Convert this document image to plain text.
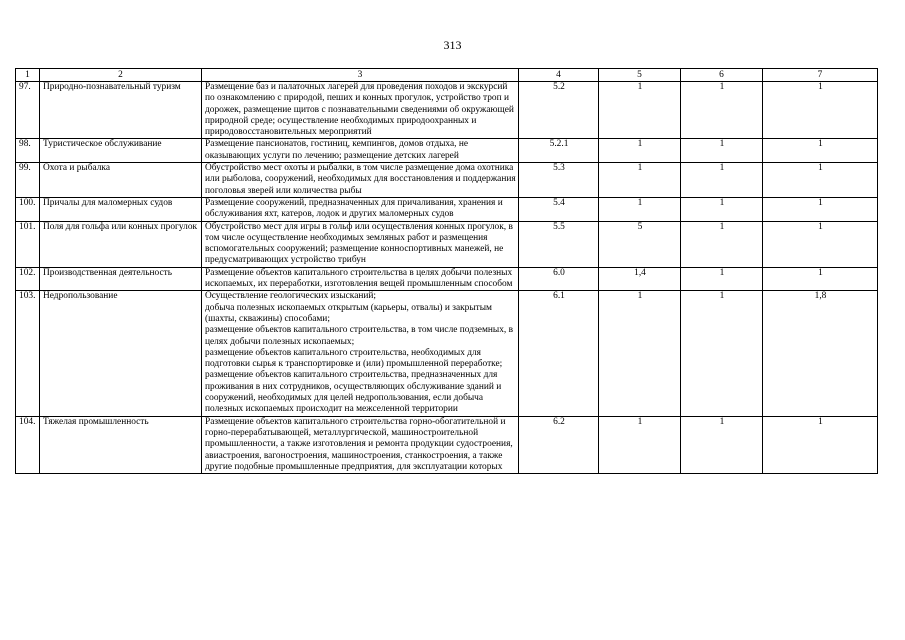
313
1	2	3	4	5	6	7
97.	Природно-познавательный туризм	Размещение баз и палаточных лагерей для проведения походов и экскурсий по ознакомлению с природой, пеших и конных прогулок, устройство троп и дорожек, размещение щитов с познавательными сведениями об окружающей природной среде; осуществление необходимых природоохранных и природовосстановительных мероприятий	5.2	1	1	1
98.	Туристическое обслуживание	Размещение пансионатов, гостиниц, кемпингов, домов отдыха, не оказывающих услуги по лечению; размещение детских лагерей	5.2.1	1	1	1
99.	Охота и рыбалка	Обустройство мест охоты и рыбалки, в том числе размещение дома охотника или рыболова, сооружений, необходимых для восстановления и поддержания поголовья зверей или количества рыбы	5.3	1	1	1
100.	Причалы для маломерных судов	Размещение сооружений, предназначенных для причаливания, хранения и обслуживания яхт, катеров, лодок и других маломерных судов	5.4	1	1	1
101.	Поля для гольфа или конных прогулок	Обустройство мест для игры в гольф или осуществления конных прогулок, в том числе осуществление необходимых земляных работ и размещения вспомогательных сооружений; размещение конноспортивных манежей, не предусматривающих устройство трибун	5.5	5	1	1
102.	Производственная деятельность	Размещение объектов капитального строительства в целях добычи полезных ископаемых, их переработки, изготовления вещей промышленным способом	6.0	1,4	1	1
103.	Недропользование	Осуществление геологических изысканий;
добыча полезных ископаемых открытым (карьеры, отвалы) и закрытым (шахты, скважины) способами;
размещение объектов капитального строительства, в том числе подземных, в целях добычи полезных ископаемых;
размещение объектов капитального строительства, необходимых для подготовки сырья к транспортировке и (или) промышленной переработке;
размещение объектов капитального строительства, предназначенных для проживания в них сотрудников, осуществляющих обслуживание зданий и сооружений, необходимых для целей недропользования, если добыча полезных ископаемых происходит на межселенной территории	6.1	1	1	1,8
104.	Тяжелая промышленность	Размещение объектов капитального строительства горно-обогатительной и горно-перерабатывающей, металлургической, машиностроительной промышленности, а также изготовления и ремонта продукции судостроения, авиастроения, вагоностроения, машиностроения, станкостроения, а также другие подобные промышленные предприятия, для эксплуатации которых	6.2	1	1	1
